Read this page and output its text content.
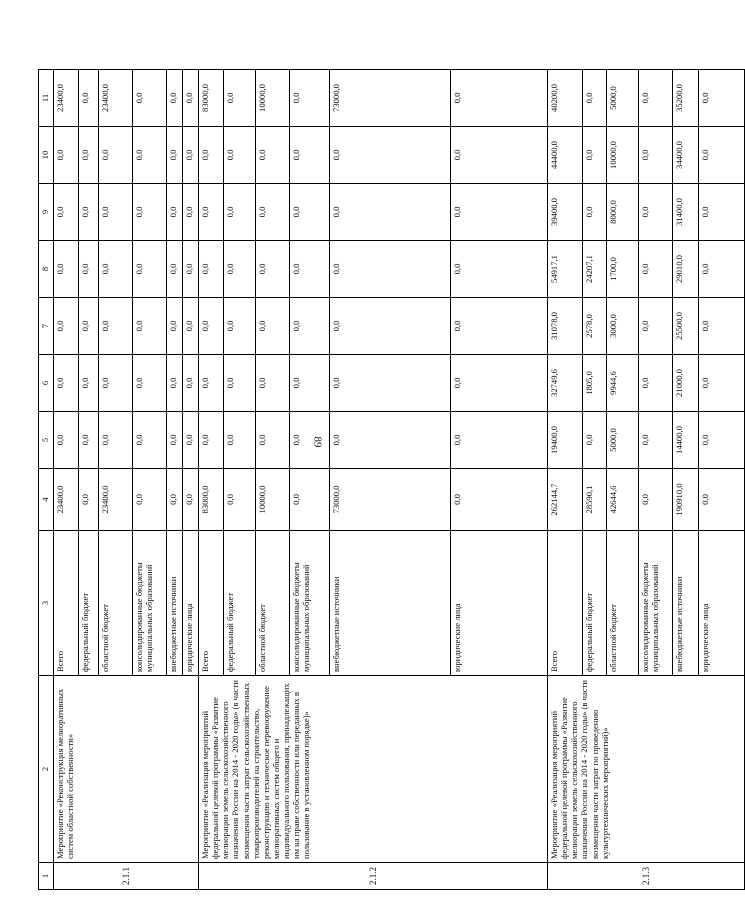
89
1	2	3	4	5	6	7	8	9	10	11
2.1.1	Мероприятие «Реконструкция мелиоративных систем областной собственности»	Всего	23400,0	0,0	0,0	0,0	0,0	0,0	0,0	23400,0
		федеральный бюджет	0,0	0,0	0,0	0,0	0,0	0,0	0,0	0,0
		областной бюджет	23400,0	0,0	0,0	0,0	0,0	0,0	0,0	23400,0
		консолидированные бюджеты муниципальных образований	0,0	0,0	0,0	0,0	0,0	0,0	0,0	0,0
		внебюджетные источники	0,0	0,0	0,0	0,0	0,0	0,0	0,0	0,0
		юридические лица	0,0	0,0	0,0	0,0	0,0	0,0	0,0	0,0
2.1.2	Мероприятие «Реализация мероприятий федеральной целевой программы «Развитие мелиорации земель сельскохозяйственного назначения России на 2014 - 2020 годы» (в части возмещения части затрат сельскохозяйственных товаропроизводителей на строительство, реконструкцию и техническое перевооружение мелиоративных систем общего и индивидуального пользования, принадлежащих им на праве собственности или переданных в пользование в установленном порядке)»	Всего	83000,0	0,0	0,0	0,0	0,0	0,0	0,0	83000,0
		федеральный бюджет	0,0	0,0	0,0	0,0	0,0	0,0	0,0	0,0
		областной бюджет	10000,0	0,0	0,0	0,0	0,0	0,0	0,0	10000,0
		консолидированные бюджеты муниципальных образований	0,0	0,0	0,0	0,0	0,0	0,0	0,0	0,0
		внебюджетные источники	73000,0	0,0	0,0	0,0	0,0	0,0	0,0	73000,0
		юридические лица	0,0	0,0	0,0	0,0	0,0	0,0	0,0	0,0
2.1.3	Мероприятие «Реализация мероприятий федеральной целевой программы «Развитие мелиорации земель сельскохозяйственного назначения России на 2014 - 2020 годы» (в части возмещения части затрат по проведению культуртехнических мероприятий)»	Всего	262144,7	19400,0	32749,6	31078,0	54917,1	39400,0	44400,0	40200,0
		федеральный бюджет	28590,1	0,0	1805,0	2578,0	24207,1	0,0	0,0	0,0
		областной бюджет	42644,6	5000,0	9944,6	3000,0	1700,0	8000,0	10000,0	5000,0
		консолидированные бюджеты муниципальных образований	0,0	0,0	0,0	0,0	0,0	0,0	0,0	0,0
		внебюджетные источники	190910,0	14400,0	21000,0	25500,0	29010,0	31400,0	34400,0	35200,0
		юридические лица	0,0	0,0	0,0	0,0	0,0	0,0	0,0	0,0
